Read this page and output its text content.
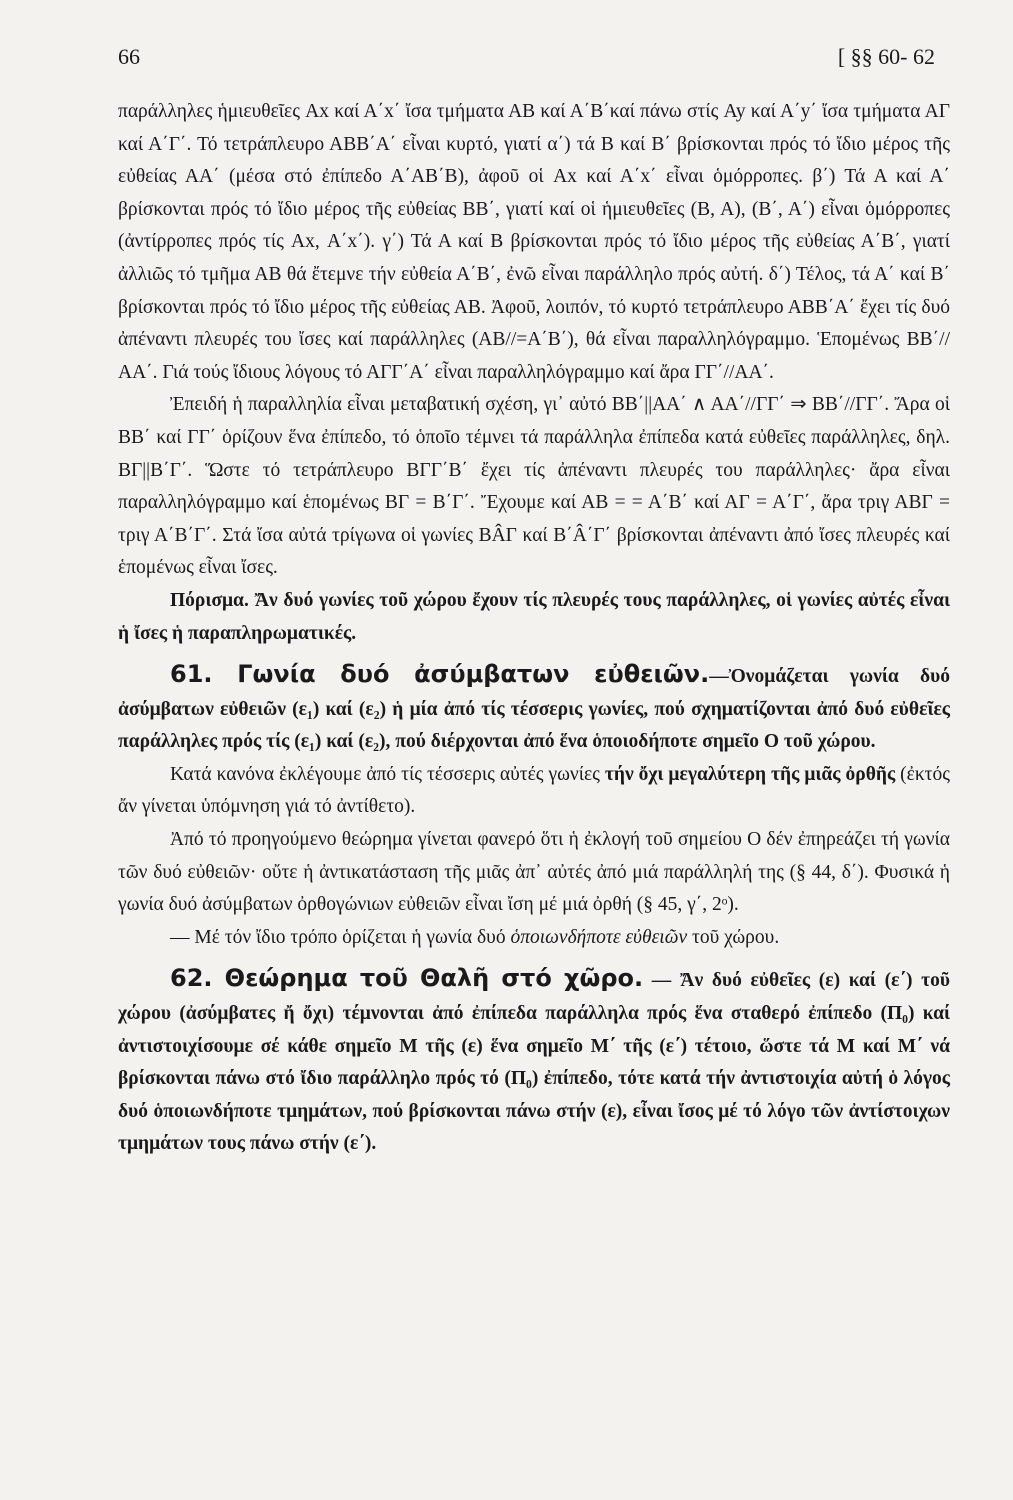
66	[ §§ 60- 62

παράλληλες ἡμιευθεῖες Ax καί Α΄x΄ ἴσα τμήματα ΑΒ καί Α΄Β΄καί πάνω στίς Ay καί Α΄y΄ ἴσα τμήματα ΑΓ καί Α΄Γ΄. Τό τετράπλευρο ΑΒΒ΄Α΄ εἶναι κυρτό, γιατί α΄) τά Β καί Β΄ βρίσκονται πρός τό ἴδιο μέρος τῆς εὐθείας ΑΑ΄ (μέσα στό ἐπίπεδο Α΄ΑΒ΄Β), ἀφοῦ οἱ Ax καί Α΄x΄ εἶναι ὁμόρροπες. β΄) Τά Α καί Α΄ βρίσκονται πρός τό ἴδιο μέρος τῆς εὐθείας ΒΒ΄, γιατί καί οἱ ἡμιευθεῖες (Β, Α), (Β΄, Α΄) εἶναι ὁμόρροπες (ἀντίρροπες πρός τίς Ax, Α΄x΄). γ΄) Τά Α καί Β βρίσκονται πρός τό ἴδιο μέρος τῆς εὐθείας Α΄Β΄, γιατί ἀλλιῶς τό τμῆμα ΑΒ θά ἔτεμνε τήν εὐθεία Α΄Β΄, ἐνῶ εἶναι παράλληλο πρός αὐτή. δ΄) Τέλος, τά Α΄ καί Β΄ βρίσκονται πρός τό ἴδιο μέρος τῆς εὐθείας ΑΒ. Ἀφοῦ, λοιπόν, τό κυρτό τετράπλευρο ΑΒΒ΄Α΄ ἔχει τίς δυό ἀπέναντι πλευρές του ἴσες καί παράλληλες (ΑΒ//=Α΄Β΄), θά εἶναι παραλληλόγραμμο. Ἑπομένως ΒΒ΄//ΑΑ΄. Γιά τούς ἴδιους λόγους τό ΑΓΓ΄Α΄ εἶναι παραλληλόγραμμο καί ἄρα ΓΓ΄//ΑΑ΄.

Ἐπειδή ἡ παραλληλία εἶναι μεταβατική σχέση, γι᾽ αὐτό ΒΒ΄||ΑΑ΄ ∧ ΑΑ΄//ΓΓ΄ ⇒ ΒΒ΄//ΓΓ΄. Ἄρα οἱ ΒΒ΄ καί ΓΓ΄ ὁρίζουν ἕνα ἐπίπεδο, τό ὁποῖο τέμνει τά παράλληλα ἐπίπεδα κατά εὐθεῖες παράλληλες, δηλ. ΒΓ||Β΄Γ΄. Ὥστε τό τετράπλευρο ΒΓΓ΄Β΄ ἔχει τίς ἀπέναντι πλευρές του παράλληλες· ἄρα εἶναι παραλληλόγραμμο καί ἑπομένως ΒΓ = Β΄Γ΄. Ἔχουμε καί ΑΒ = = Α΄Β΄ καί ΑΓ = Α΄Γ΄, ἄρα τριγ ΑΒΓ = τριγ Α΄Β΄Γ΄. Στά ἴσα αὐτά τρίγωνα οἱ γωνίες ΒÂΓ καί Β΄Â΄Γ΄ βρίσκονται ἀπέναντι ἀπό ἴσες πλευρές καί ἑπομένως εἶναι ἴσες.

Πόρισμα. Ἄν δυό γωνίες τοῦ χώρου ἔχουν τίς πλευρές τους παράλληλες, οἱ γωνίες αὐτές εἶναι ἡ ἴσες ἡ παραπληρωματικές.

61. Γωνία δυό ἀσύμβατων εὐθειῶν.—Ὀνομάζεται γωνία δυό ἀσύμβατων εὐθειῶν (ε₁) καί (ε₂) ἡ μία ἀπό τίς τέσσερις γωνίες, πού σχηματίζονται ἀπό δυό εὐθεῖες παράλληλες πρός τίς (ε₁) καί (ε₂), πού διέρχονται ἀπό ἕνα ὁποιοδήποτε σημεῖο Ο τοῦ χώρου.

Κατά κανόνα ἐκλέγουμε ἀπό τίς τέσσερις αὐτές γωνίες τήν ὄχι μεγαλύτερη τῆς μιᾶς ὀρθῆς (ἐκτός ἄν γίνεται ὑπόμνηση γιά τό ἀντίθετο).

Ἀπό τό προηγούμενο θεώρημα γίνεται φανερό ὅτι ἡ ἐκλογή τοῦ σημείου Ο δέν ἐπηρεάζει τή γωνία τῶν δυό εὐθειῶν· οὔτε ἡ ἀντικατάσταση τῆς μιᾶς ἀπ᾽ αὐτές ἀπό μιά παράλληλή της (§ 44, δ΄). Φυσικά ἡ γωνία δυό ἀσύμβατων ὀρθογώνιων εὐθειῶν εἶναι ἴση μέ μιά ὀρθή (§ 45, γ΄, 2ᵒ).

— Μέ τόν ἴδιο τρόπο ὁρίζεται ἡ γωνία δυό ὁποιωνδήποτε εὐθειῶν τοῦ χώρου.

62. Θεώρημα τοῦ Θαλῆ στό χῶρο. — Ἄν δυό εὐθεῖες (ε) καί (ε΄) τοῦ χώρου (ἀσύμβατες ἤ ὄχι) τέμνονται ἀπό ἐπίπεδα παράλληλα πρός ἕνα σταθερό ἐπίπεδο (Π₀) καί ἀντιστοιχίσουμε σέ κάθε σημεῖο Μ τῆς (ε) ἕνα σημεῖο Μ΄ τῆς (ε΄) τέτοιο, ὥστε τά Μ καί Μ΄ νά βρίσκονται πάνω στό ἴδιο παράλληλο πρός τό (Π₀) ἐπίπεδο, τότε κατά τήν ἀντιστοιχία αὐτή ὁ λόγος δυό ὁποιωνδήποτε τμημάτων, πού βρίσκονται πάνω στήν (ε), εἶναι ἴσος μέ τό λόγο τῶν ἀντίστοιχων τμημάτων τους πάνω στήν (ε΄).
